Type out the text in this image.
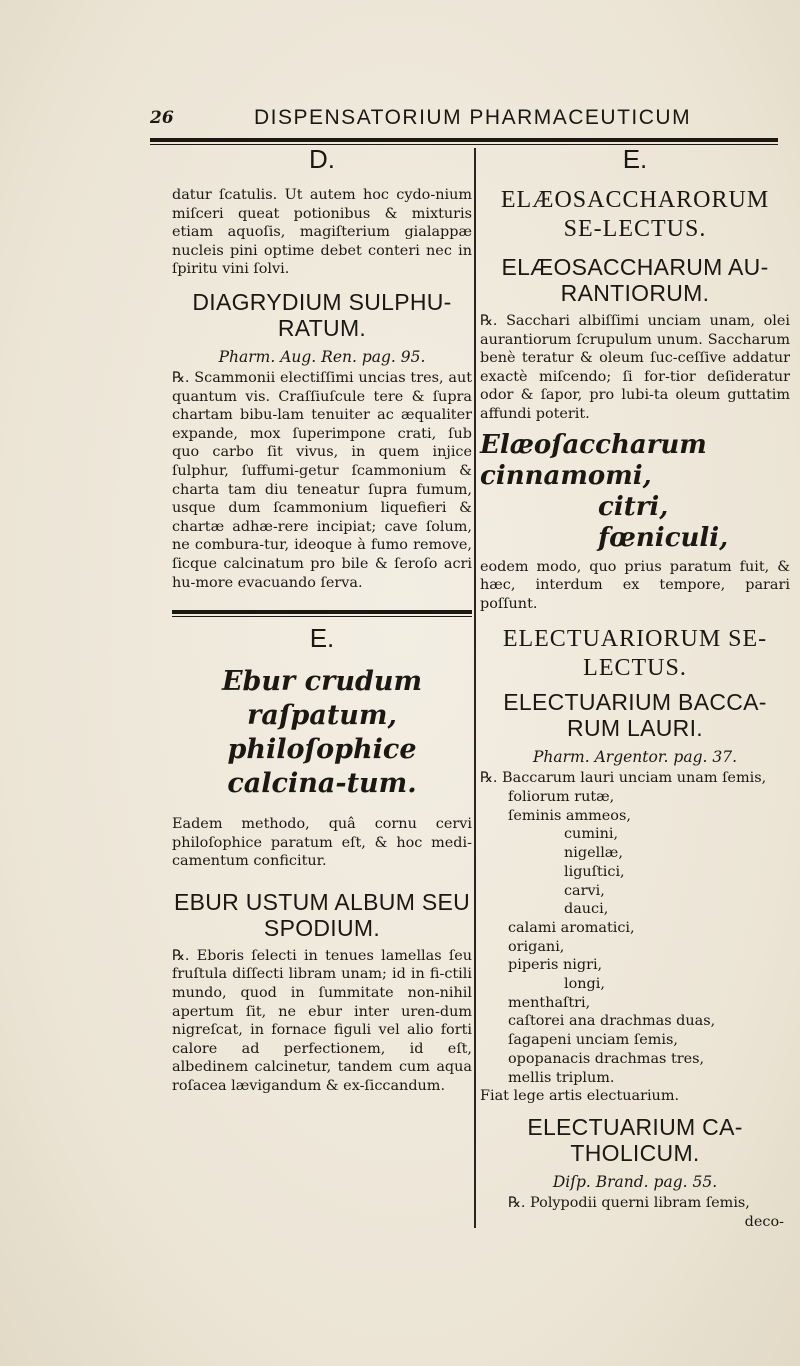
26	DISPENSATORIUM PHARMACEUTICUM
D.

datur ſcatulis. Ut autem hoc cydo-nium miſceri queat potionibus & mixturis etiam aquoſis, magiſterium gialappæ nucleis pini optime debet conteri nec in ſpiritu vini ſolvi.

DIAGRYDIUM SULPHU-RATUM.
Pharm. Aug. Ren. pag. 95.

℞. Scammonii electiſſimi uncias tres, aut quantum vis. Craſſiuſcule tere & ſupra chartam bibu-lam tenuiter ac æqualiter expande, mox ſuperimpone crati, ſub quo carbo ſit vivus, in quem injice ſulphur, ſuffumi-getur ſcammonium & charta tam diu teneatur ſupra fumum, usque dum ſcammonium liquefieri & chartæ adhæ-rere incipiat; cave ſolum, ne combura-tur, ideoque à fumo remove, ſicque calcinatum pro bile & ſeroſo acri hu-more evacuando ſerva.

E.
Ebur crudum raſpatum, philoſophice calcina-tum.

Eadem methodo, quâ cornu cervi philoſophice paratum eſt, & hoc medi-camentum conficitur.

EBUR USTUM ALBUM SEU SPODIUM.

℞. Eboris ſelecti in tenues lamellas ſeu fruſtula diſſecti libram unam; id in fi-ctili mundo, quod in ſummitate non-nihil apertum ſit, ne ebur inter uren-dum nigreſcat, in fornace figuli vel alio forti calore ad perfectionem, id eſt, albedinem calcinetur, tandem cum aqua roſacea lævigandum & ex-ſiccandum.

E.
ELÆOSACCHARORUM SE-LECTUS.
ELÆOSACCHARUM AU-RANTIORUM.

℞. Sacchari albiſſimi unciam unam, olei aurantiorum ſcrupulum unum. Saccharum benè teratur & oleum ſuc-ceſſive addatur exactè miſcendo; ſi for-tior deſideratur odor & ſapor, pro lubi-ta oleum guttatim affundi poterit.

Elæoſaccharum cinnamomi,
citri,
fœniculi,

eodem modo, quo prius paratum fuit, & hæc, interdum ex tempore, parari poſſunt.

ELECTUARIORUM SE-LECTUS.
ELECTUARIUM BACCA-RUM LAURI.
Pharm. Argentor. pag. 37.
℞. Baccarum lauri unciam unam ſemis,
foliorum rutæ,
ſeminis ammeos,
cumini,
nigellæ,
liguſtici,
carvi,
dauci,
calami aromatici,
origani,
piperis nigri,
longi,
menthaſtri,
caſtorei ana drachmas duas,
ſagapeni unciam ſemis,
opopanacis drachmas tres,
mellis triplum.
Fiat lege artis electuarium.
ELECTUARIUM CA-THOLICUM.
Diſp. Brand. pag. 55.
℞. Polypodii querni libram ſemis,
deco-
